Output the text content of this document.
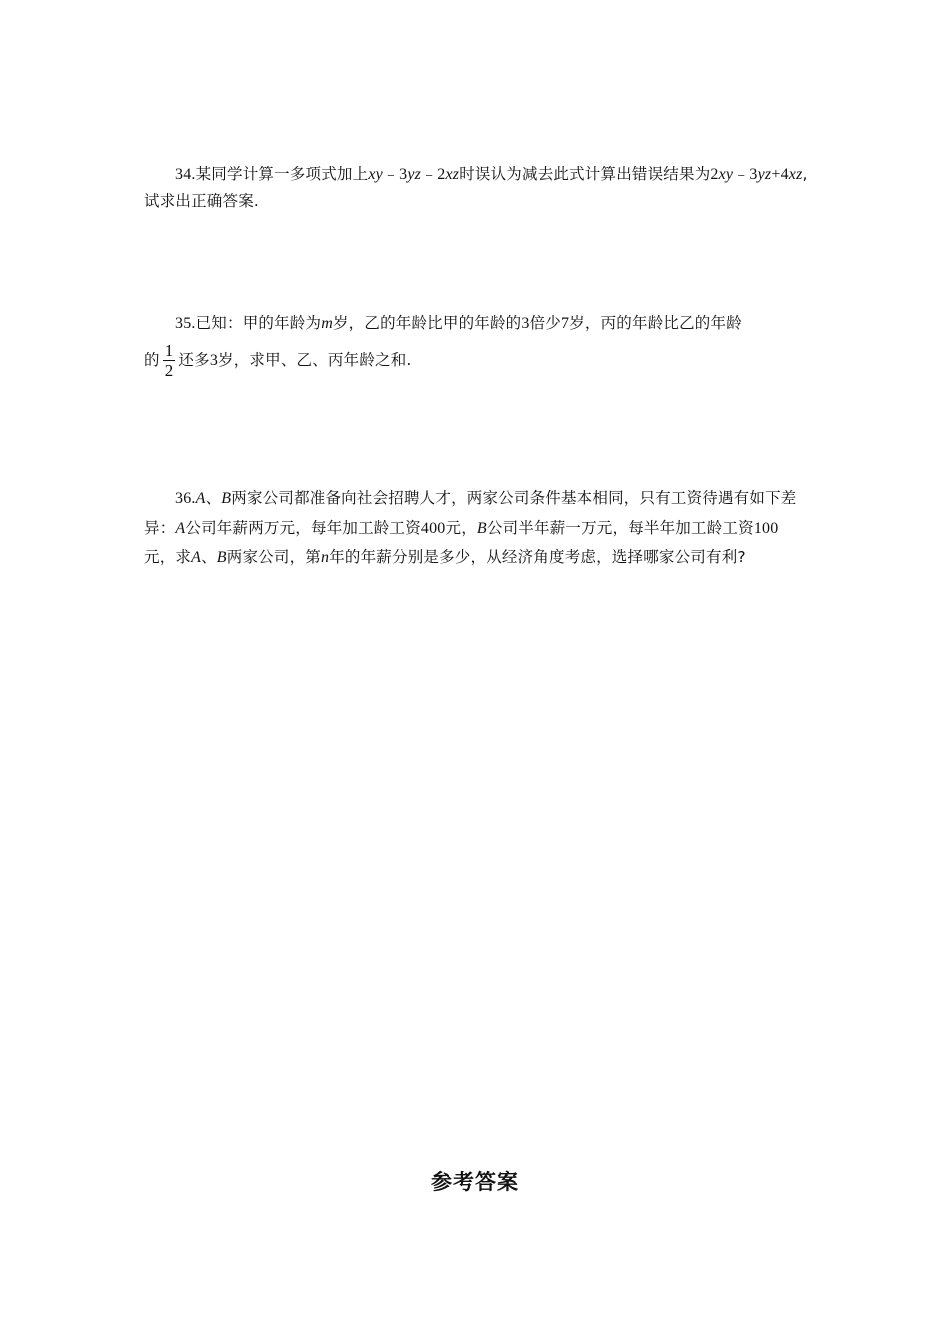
34.某同学计算一多项式加上xy﹣3yz﹣2xz时误认为减去此式计算出错误结果为2xy﹣3yz+4xz,试求出正确答案.

35.已知：甲的年龄为m岁，乙的年龄比甲的年龄的3倍少7岁，丙的年龄比乙的年龄

的 $\frac{1}{2}$ 还多3岁，求甲、乙、丙年龄之和.

36.A、B两家公司都准备向社会招聘人才，两家公司条件基本相同，只有工资待遇有如下差异：A公司年薪两万元，每年加工龄工资400元，B公司半年薪一万元，每半年加工龄工资100元，求A、B两家公司，第n年的年薪分别是多少，从经济角度考虑，选择哪家公司有利?

参考答案
